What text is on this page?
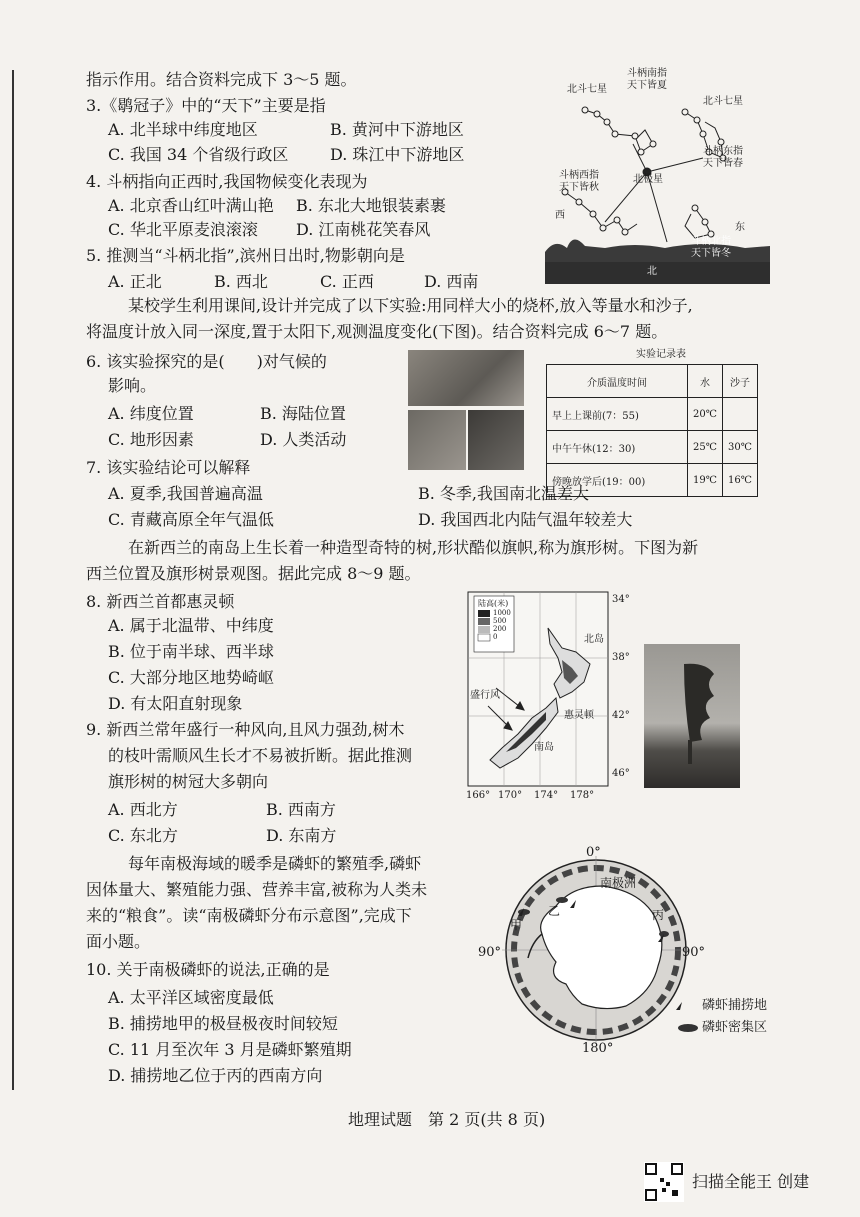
指示作用。结合资料完成下 3～5 题。
3.《鹖冠子》中的“天下”主要是指
A. 北半球中纬度地区	B. 黄河中下游地区
C. 我国 34 个省级行政区	D. 珠江中下游地区
4. 斗柄指向正西时,我国物候变化表现为
A. 北京香山红叶满山艳 B. 东北大地银装素裹
C. 华北平原麦浪滚滚 D. 江南桃花笑春风
5. 推测当“斗柄北指”,滨州日出时,物影朝向是
A. 正北	B. 西北	C. 正西	D. 西南
斗柄南指
天下皆夏
北斗七星
北斗七星
斗柄东指
天下皆春
斗柄西指
天下皆秋
北极星
西
东
斗柄北指
天下皆冬
北
某校学生利用课间,设计并完成了以下实验:用同样大小的烧杯,放入等量水和沙子,
将温度计放入同一深度,置于太阳下,观测温度变化(下图)。结合资料完成 6～7 题。
6. 该实验探究的是(　　)对气候的
影响。
A. 纬度位置	B. 海陆位置
C. 地形因素	D. 人类活动
实验记录表
介质温度时间	水	沙子
早上上课前(7：55)	20℃	
中午午休(12：30)	25℃	30℃
傍晚放学后(19：00)	19℃	16℃
7. 该实验结论可以解释
A. 夏季,我国普遍高温	B. 冬季,我国南北温差大
C. 青藏高原全年气温低	D. 我国西北内陆气温年较差大
在新西兰的南岛上生长着一种造型奇特的树,形状酷似旗帜,称为旗形树。下图为新
西兰位置及旗形树景观图。据此完成 8～9 题。
8. 新西兰首都惠灵顿
A. 属于北温带、中纬度
B. 位于南半球、西半球
C. 大部分地区地势崎岖
D. 有太阳直射现象
9. 新西兰常年盛行一种风向,且风力强劲,树木
的枝叶需顺风生长才不易被折断。据此推测
旗形树的树冠大多朝向
A. 西北方	B. 西南方
C. 东北方	D. 东南方
陆高(米)
1000
500
200
0
34°
38°
42°
46°
166° 170° 174° 178°
北岛
南岛
盛行风
惠灵顿
每年南极海域的暖季是磷虾的繁殖季,磷虾
因体量大、繁殖能力强、营养丰富,被称为人类未
来的“粮食”。读“南极磷虾分布示意图”,完成下
面小题。
10. 关于南极磷虾的说法,正确的是
A. 太平洋区域密度最低
B. 捕捞地甲的极昼极夜时间较短
C. 11 月至次年 3 月是磷虾繁殖期
D. 捕捞地乙位于丙的西南方向
0°
180°
90°	90°
南极洲
甲
乙	丙
磷虾捕捞地
磷虾密集区
地理试题　第 2 页(共 8 页)
扫描全能王 创建
